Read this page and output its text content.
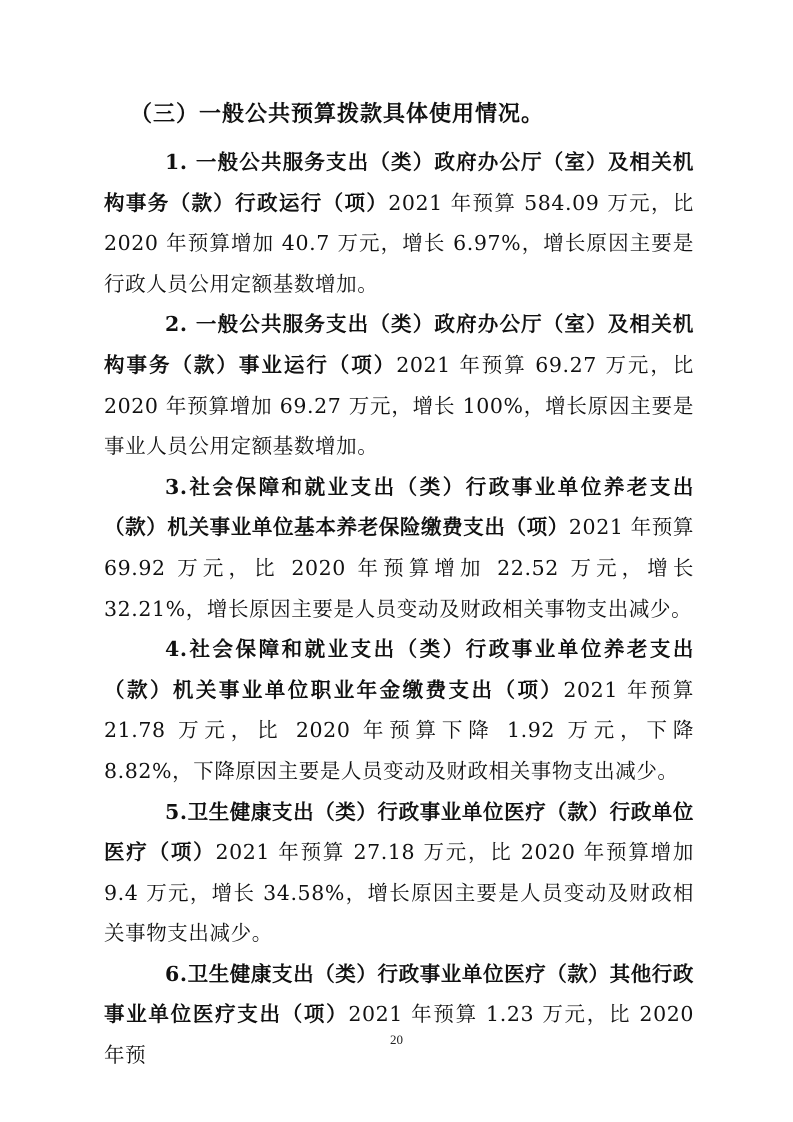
（三）一般公共预算拨款具体使用情况。

1. 一般公共服务支出（类）政府办公厅（室）及相关机构事务（款）行政运行（项）2021 年预算 584.09 万元，比 2020 年预算增加 40.7 万元，增长 6.97%，增长原因主要是行政人员公用定额基数增加。

2. 一般公共服务支出（类）政府办公厅（室）及相关机构事务（款）事业运行（项）2021 年预算 69.27 万元，比 2020 年预算增加 69.27 万元，增长 100%，增长原因主要是事业人员公用定额基数增加。

3.社会保障和就业支出（类）行政事业单位养老支出（款）机关事业单位基本养老保险缴费支出（项）2021 年预算 69.92 万元，比 2020 年预算增加 22.52 万元，增长 32.21%，增长原因主要是人员变动及财政相关事物支出减少。

4.社会保障和就业支出（类）行政事业单位养老支出（款）机关事业单位职业年金缴费支出（项）2021 年预算 21.78 万元，比 2020 年预算下降 1.92 万元，下降 8.82%，下降原因主要是人员变动及财政相关事物支出减少。

5.卫生健康支出（类）行政事业单位医疗（款）行政单位医疗（项）2021 年预算 27.18 万元，比 2020 年预算增加 9.4 万元，增长 34.58%，增长原因主要是人员变动及财政相关事物支出减少。

6.卫生健康支出（类）行政事业单位医疗（款）其他行政事业单位医疗支出（项）2021 年预算 1.23 万元，比 2020 年预

20
